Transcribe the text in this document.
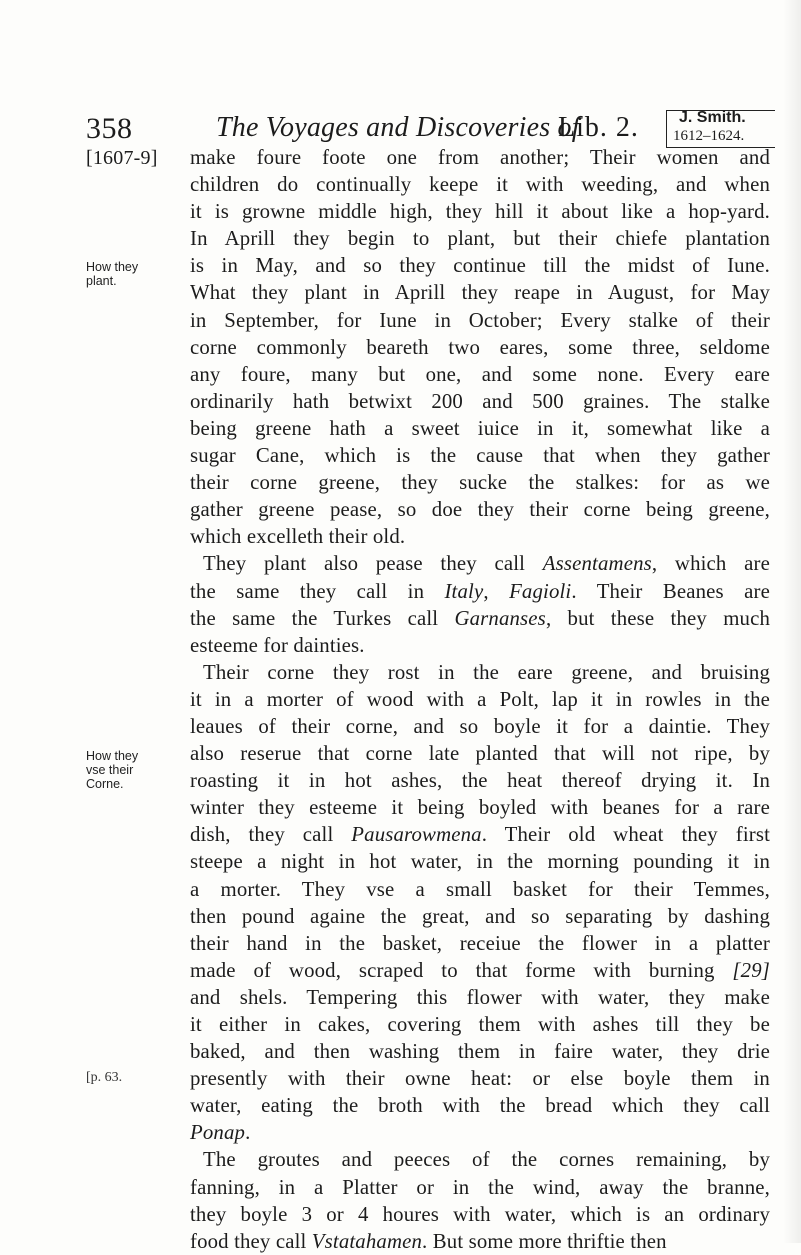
358	The Voyages and Discoveries of
Lib. 2.	J. Smith.
1612–1624.
[1607-9]
How they
plant.
How they
vse their
Corne.
[p. 63.
make foure foote one from another; Their women and
children do continually keepe it with weeding, and when
it is growne middle high, they hill it about like a hop-yard.
In Aprill they begin to plant, but their chiefe plantation
is in May, and so they continue till the midst of Iune.
What they plant in Aprill they reape in August, for May
in September, for Iune in October; Every stalke of their
corne commonly beareth two eares, some three, seldome
any foure, many but one, and some none. Every eare
ordinarily hath betwixt 200 and 500 graines. The stalke
being greene hath a sweet iuice in it, somewhat like a
sugar Cane, which is the cause that when they gather
their corne greene, they sucke the stalkes: for as we
gather greene pease, so doe they their corne being greene,
which excelleth their old.
They plant also pease they call Assentamens, which are
the same they call in Italy, Fagioli. Their Beanes are
the same the Turkes call Garnanses, but these they much
esteeme for dainties.
Their corne they rost in the eare greene, and bruising
it in a morter of wood with a Polt, lap it in rowles in the
leaues of their corne, and so boyle it for a daintie. They
also reserue that corne late planted that will not ripe, by
roasting it in hot ashes, the heat thereof drying it. In
winter they esteeme it being boyled with beanes for a rare
dish, they call Pausarowmena. Their old wheat they first
steepe a night in hot water, in the morning pounding it in
a morter. They vse a small basket for their Temmes,
then pound againe the great, and so separating by dashing
their hand in the basket, receiue the flower in a platter
made of wood, scraped to that forme with burning [29]
and shels. Tempering this flower with water, they make
it either in cakes, covering them with ashes till they be
baked, and then washing them in faire water, they drie
presently with their owne heat: or else boyle them in
water, eating the broth with the bread which they call
Ponap.
The groutes and peeces of the cornes remaining, by
fanning, in a Platter or in the wind, away the branne,
they boyle 3 or 4 houres with water, which is an ordinary
food they call Vstatahamen. But some more thriftie then
